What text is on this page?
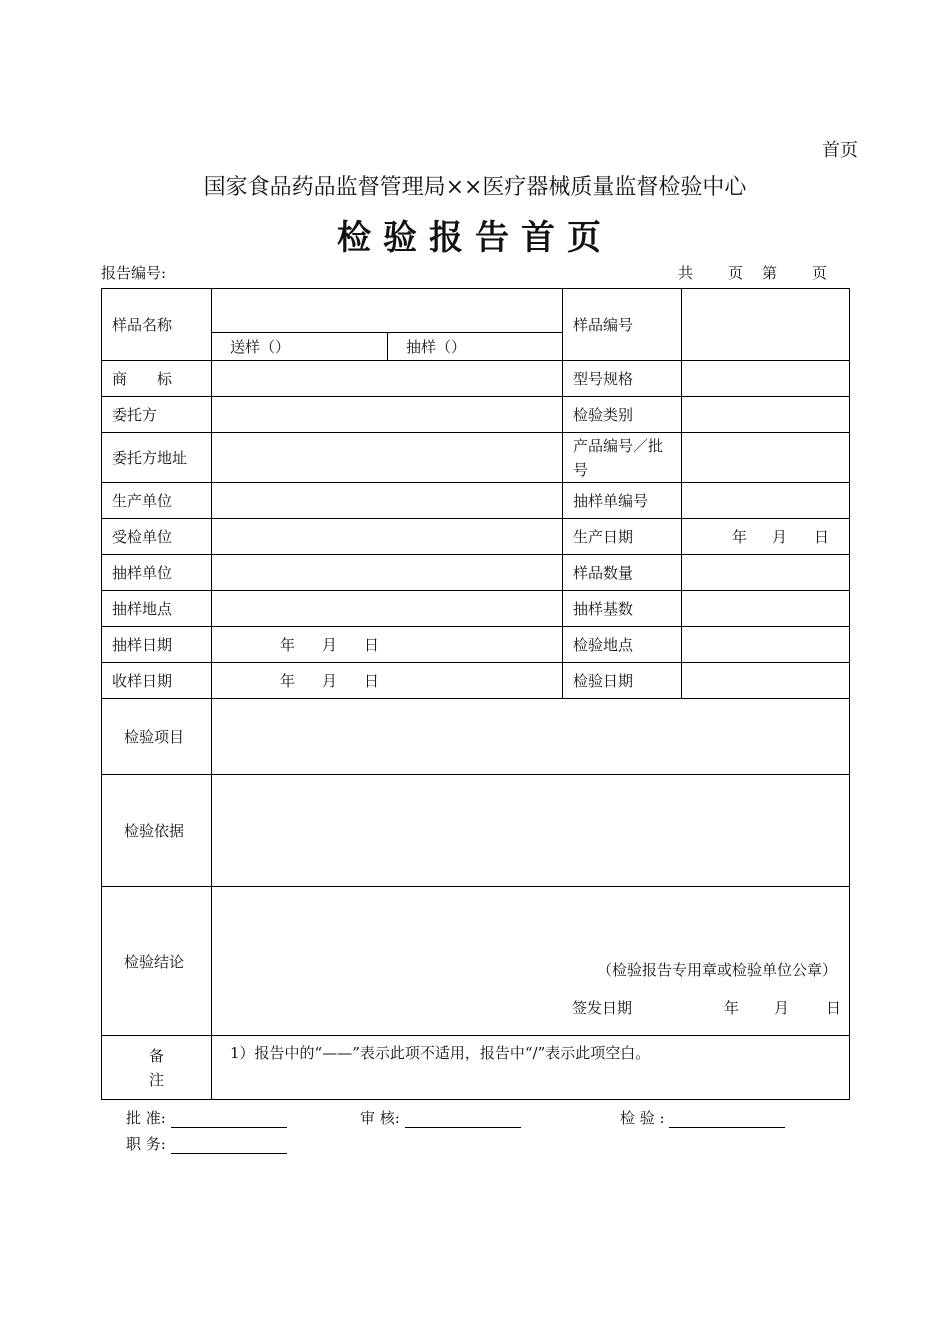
首页
国家食品药品监督管理局××医疗器械质量监督检验中心
检验报告首页
报告编号:	共 页 第 页
样品名称			样品编号	
	送样（）	抽样（）		
商　　标			型号规格	
委托方			检验类别	
委托方地址			产品编号／批号	
生产单位			抽样单编号	
受检单位			生产日期	年 月 日
抽样单位			样品数量	
抽样地点			抽样基数	
抽样日期	年 月 日		检验地点	
收样日期	年 月 日		检验日期	
检验项目				
检验依据				
检验结论	（检验报告专用章或检验单位公章）
签发日期 年 月 日			

备
注	1）报告中的“——”表示此项不适用，报告中“/”表示此项空白。			
批 准:	审 核:	检 验 :
职 务:
